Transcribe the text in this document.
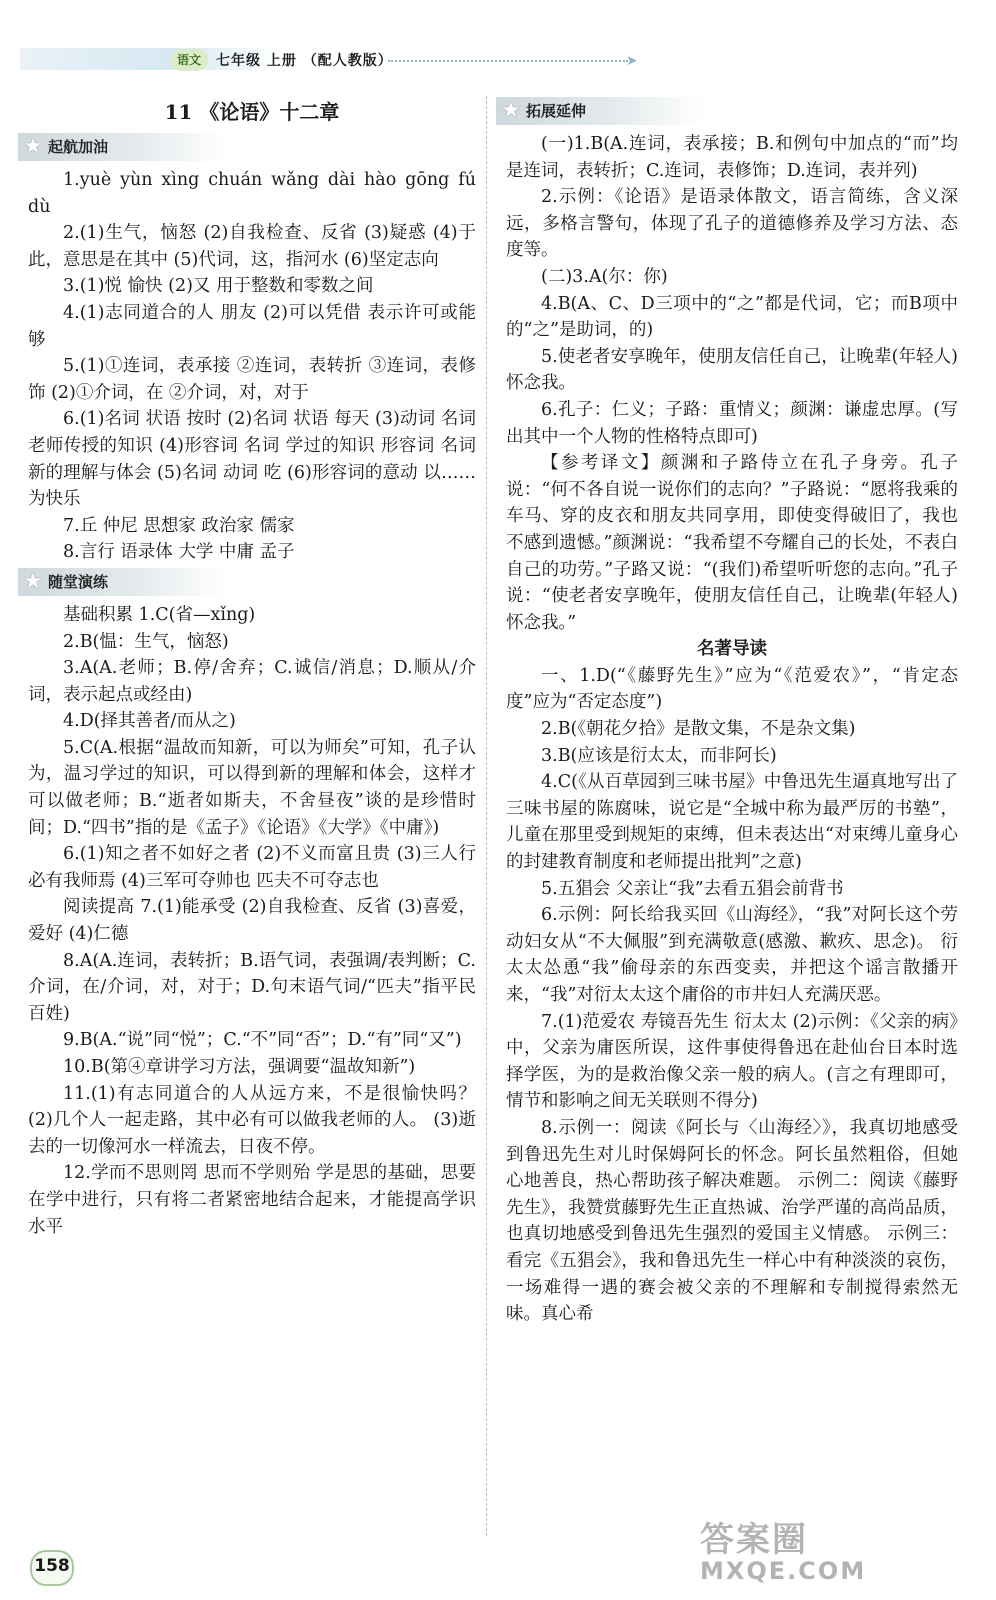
语文	七年级 上册 （配人教版）	➤
11 《论语》十二章
★ 起航加油

1.yuè yùn xìng chuán wǎng dài hào gōng fú dù

2.(1)生气，恼怒 (2)自我检查、反省 (3)疑惑 (4)于此，意思是在其中 (5)代词，这，指河水 (6)坚定志向

3.(1)悦 愉快 (2)又 用于整数和零数之间

4.(1)志同道合的人 朋友 (2)可以凭借 表示许可或能够

5.(1)①连词，表承接 ②连词，表转折 ③连词，表修饰 (2)①介词，在 ②介词，对，对于

6.(1)名词 状语 按时 (2)名词 状语 每天 (3)动词 名词 老师传授的知识 (4)形容词 名词 学过的知识 形容词 名词 新的理解与体会 (5)名词 动词 吃 (6)形容词的意动 以……为快乐

7.丘 仲尼 思想家 政治家 儒家

8.言行 语录体 大学 中庸 孟子

★ 随堂演练

基础积累 1.C(省—xǐng)

2.B(愠：生气，恼怒)

3.A(A.老师；B.停/舍弃；C.诚信/消息；D.顺从/介词，表示起点或经由)

4.D(择其善者/而从之)

5.C(A.根据“温故而知新，可以为师矣”可知，孔子认为，温习学过的知识，可以得到新的理解和体会，这样才可以做老师；B.“逝者如斯夫，不舍昼夜”谈的是珍惜时间；D.“四书”指的是《孟子》《论语》《大学》《中庸》)

6.(1)知之者不如好之者 (2)不义而富且贵 (3)三人行 必有我师焉 (4)三军可夺帅也 匹夫不可夺志也

阅读提高 7.(1)能承受 (2)自我检查、反省 (3)喜爱，爱好 (4)仁德

8.A(A.连词，表转折；B.语气词，表强调/表判断；C.介词，在/介词，对，对于；D.句末语气词/“匹夫”指平民百姓)

9.B(A.“说”同“悦”；C.“不”同“否”；D.“有”同“又”)

10.B(第④章讲学习方法，强调要“温故知新”)

11.(1)有志同道合的人从远方来，不是很愉快吗？ (2)几个人一起走路，其中必有可以做我老师的人。 (3)逝去的一切像河水一样流去，日夜不停。

12.学而不思则罔 思而不学则殆 学是思的基础，思要在学中进行，只有将二者紧密地结合起来，才能提高学识水平

★ 拓展延伸

(一)1.B(A.连词，表承接；B.和例句中加点的“而”均是连词，表转折；C.连词，表修饰；D.连词，表并列)

2.示例：《论语》是语录体散文，语言简练，含义深远，多格言警句，体现了孔子的道德修养及学习方法、态度等。

(二)3.A(尔：你)

4.B(A、C、D三项中的“之”都是代词，它；而B项中的“之”是助词，的)

5.使老者安享晚年，使朋友信任自己，让晚辈(年轻人)怀念我。

6.孔子：仁义；子路：重情义；颜渊：谦虚忠厚。(写出其中一个人物的性格特点即可)

【参考译文】颜渊和子路侍立在孔子身旁。孔子说：“何不各自说一说你们的志向？”子路说：“愿将我乘的车马、穿的皮衣和朋友共同享用，即使变得破旧了，我也不感到遗憾。”颜渊说：“我希望不夸耀自己的长处，不表白自己的功劳。”子路又说：“(我们)希望听听您的志向。”孔子说：“使老者安享晚年，使朋友信任自己，让晚辈(年轻人)怀念我。”

名著导读

一、1.D(“《藤野先生》”应为“《范爱农》”，“肯定态度”应为“否定态度”)

2.B(《朝花夕拾》是散文集，不是杂文集)

3.B(应该是衍太太，而非阿长)

4.C(《从百草园到三味书屋》中鲁迅先生逼真地写出了三味书屋的陈腐味，说它是“全城中称为最严厉的书塾”，儿童在那里受到规矩的束缚，但未表达出“对束缚儿童身心的封建教育制度和老师提出批判”之意)

5.五猖会 父亲让“我”去看五猖会前背书

6.示例：阿长给我买回《山海经》，“我”对阿长这个劳动妇女从“不大佩服”到充满敬意(感激、歉疚、思念)。 衍太太怂恿“我”偷母亲的东西变卖，并把这个谣言散播开来，“我”对衍太太这个庸俗的市井妇人充满厌恶。

7.(1)范爱农 寿镜吾先生 衍太太 (2)示例：《父亲的病》中，父亲为庸医所误，这件事使得鲁迅在赴仙台日本时选择学医，为的是救治像父亲一般的病人。(言之有理即可，情节和影响之间无关联则不得分)

8.示例一：阅读《阿长与〈山海经〉》，我真切地感受到鲁迅先生对儿时保姆阿长的怀念。阿长虽然粗俗，但她心地善良，热心帮助孩子解决难题。 示例二：阅读《藤野先生》，我赞赏藤野先生正直热诚、治学严谨的高尚品质，也真切地感受到鲁迅先生强烈的爱国主义情感。 示例三：看完《五猖会》，我和鲁迅先生一样心中有种淡淡的哀伤，一场难得一遇的赛会被父亲的不理解和专制搅得索然无味。真心希

158
答案圈
MXQE.COM
